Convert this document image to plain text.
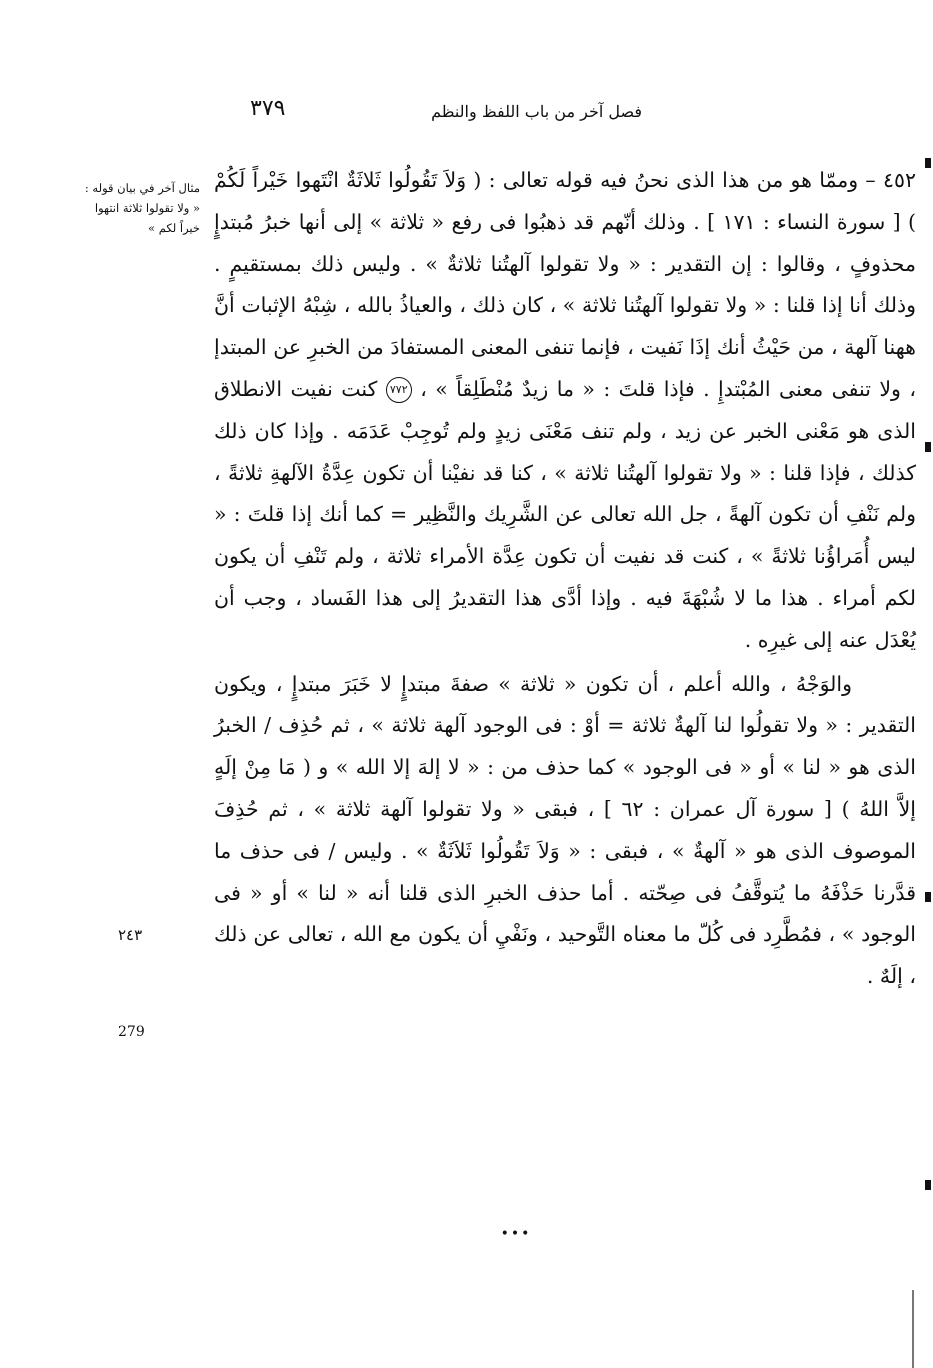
فصل آخر من باب اللفظ والنظم
٣٧٩
مثال آخر في بيان قوله : « ولا تقولوا ثلاثة انتهوا خيراً لكم »

٤٥٢ – وممّا هو من هذا الذى نحنُ فيه قوله تعالى : ( وَلاَ تَقُولُوا ثَلاثَةٌ انْتَهوا خَيْراً لَكُمْ ) [ سورة النساء : ١٧١ ] . وذلك أنّهم قد ذهبُوا فى رفع « ثلاثة » إلى أنها خبرُ مُبتدإٍ محذوفٍ ، وقالوا : إن التقدير : « ولا تقولوا آلهتُنا ثلاثةٌ » . وليس ذلك بمستقيمٍ . وذلك أنا إذا قلنا : « ولا تقولوا آلهتُنا ثلاثة » ، كان ذلك ، والعياذُ بالله ، شِبْهُ الإثبات أنَّ ههنا آلهة ، من حَيْثُ أنك إذَا نَفيت ، فإنما تنفى المعنى المستفادَ من الخبرِ عن المبتدإ ، ولا تنفى معنى المُبْتدإِ . فإذا قلتَ : « ما زيدٌ مُنْطَلِقاً » ، ٧٧٢ كنت نفيت الانطلاق الذى هو مَعْنى الخبر عن زيد ، ولم تنف مَعْنَى زيدٍ ولم تُوجِبْ عَدَمَه . وإذا كان ذلك كذلك ، فإذا قلنا : « ولا تقولوا آلهتُنا ثلاثة » ، كنا قد نفيْنا أن تكون عِدَّةُ الآلهةِ ثلاثةً ، ولم نَنْفِ أن تكون آلهةً ، جل الله تعالى عن الشَّرِيك والنَّظِير = كما أنك إذا قلتَ : « ليس أُمَراؤُنا ثلاثةً » ، كنت قد نفيت أن تكون عِدَّة الأمراء ثلاثة ، ولم تَنْفِ أن يكون لكم أمراء . هذا ما لا شُبْهَةَ فيه . وإذا أدَّى هذا التقديرُ إلى هذا الفَساد ، وجب أن يُعْدَل عنه إلى غيرِه .

والوَجْهُ ، والله أعلم ، أن تكون « ثلاثة » صفةَ مبتدإٍ لا خَبَرَ مبتدإٍ ، ويكون التقدير : « ولا تقولُوا لنا آلهةٌ ثلاثة = أوْ : فى الوجود آلهة ثلاثة » ، ثم حُذِف / الخبرُ الذى هو « لنا » أو « فى الوجود » كما حذف من : « لا إلهَ إلا الله » و ( مَا مِنْ إلَهٍ إلاَّ اللهُ ) [ سورة آل عمران : ٦٢ ] ، فبقى « ولا تقولوا آلهة ثلاثة » ، ثم حُذِفَ الموصوف الذى هو « آلهةٌ » ، فبقى : « وَلاَ تَقُولُوا ثَلاَثَةٌ » . وليس / فى حذف ما قدَّرنا حَذْفَهُ ما يُتوقَّفُ فى صِحّته . أما حذف الخبرِ الذى قلنا أنه « لنا » أو « فى الوجود » ، فمُطَّرِد فى كُلّ ما معناه التَّوحيد ، ونَفْيِ أن يكون مع الله ، تعالى عن ذلك ، إلَهٌ .

٢٤٣
279
•••
